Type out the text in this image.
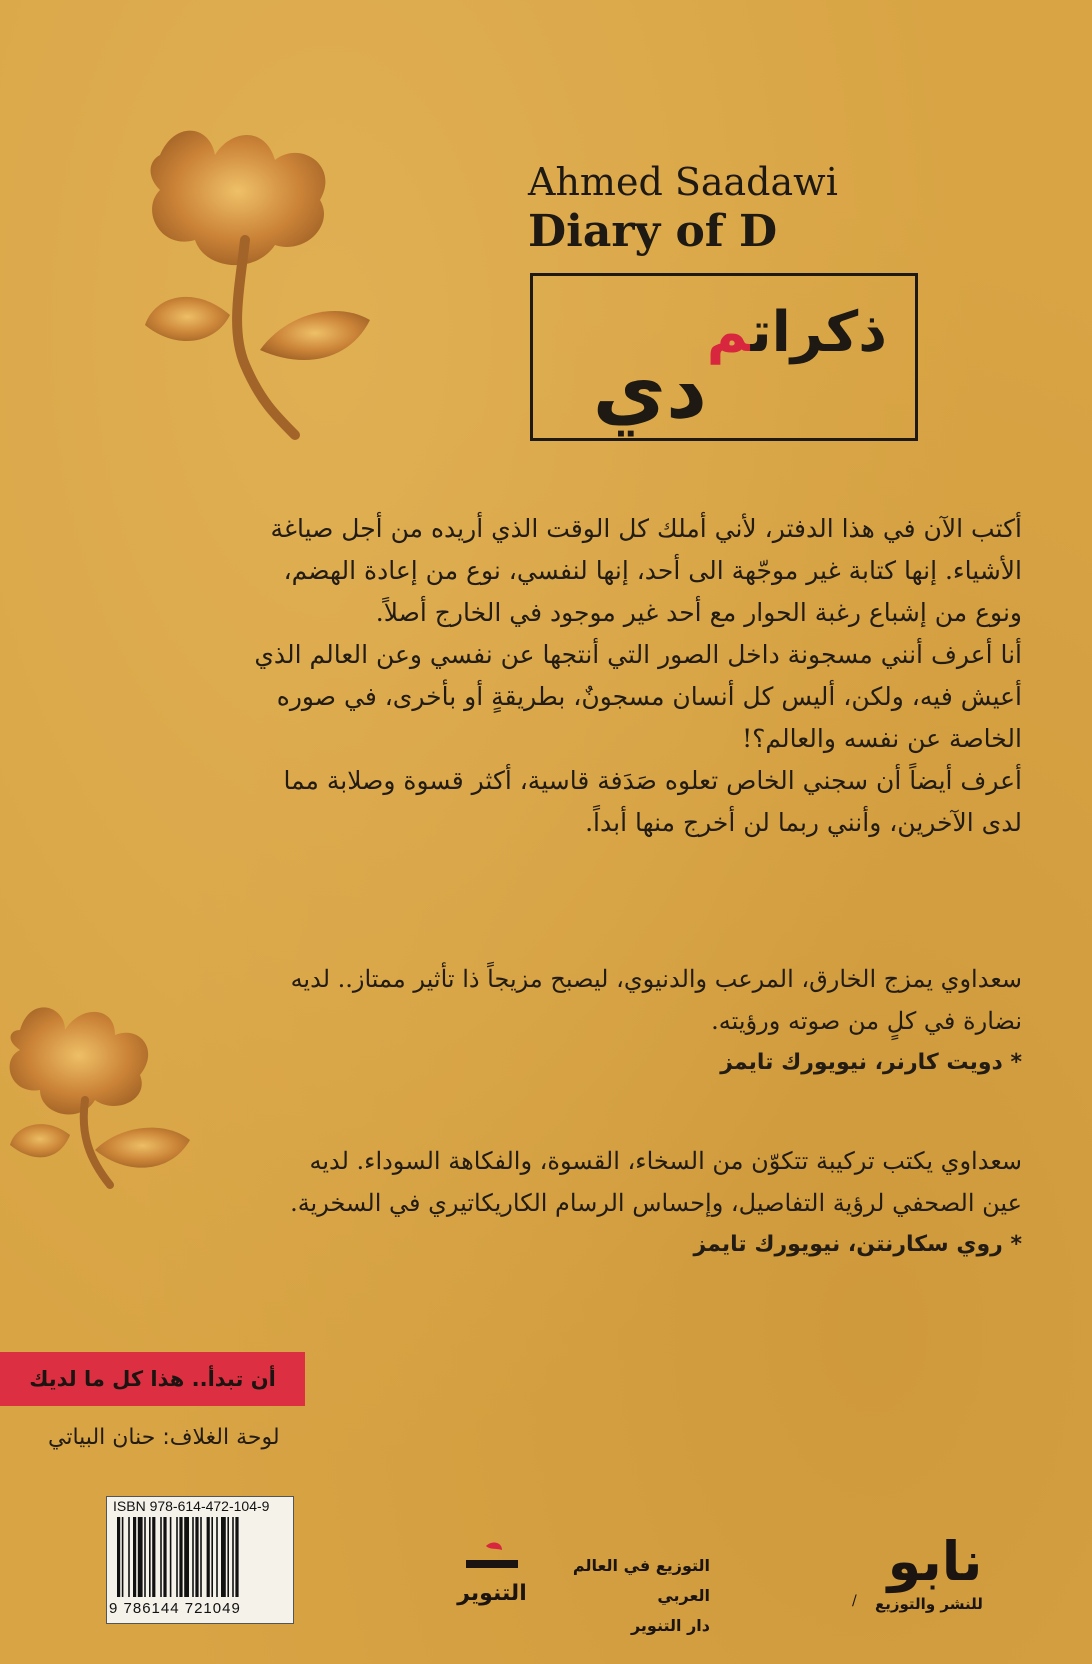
Ahmed Saadawi
Diary of D
ذكراتم
دي

أكتب الآن في هذا الدفتر، لأني أملك كل الوقت الذي أريده من أجل صياغة

الأشياء. إنها كتابة غير موجّهة الى أحد، إنها لنفسي، نوع من إعادة الهضم،

ونوع من إشباع رغبة الحوار مع أحد غير موجود في الخارج أصلاً.

أنا أعرف أنني مسجونة داخل الصور التي أنتجها عن نفسي وعن العالم الذي

أعيش فيه، ولكن، أليس كل أنسان مسجونٌ، بطريقةٍ أو بأخرى، في صوره

الخاصة عن نفسه والعالم؟!

أعرف أيضاً أن سجني الخاص تعلوه صَدَفة قاسية، أكثر قسوة وصلابة مما

لدى الآخرين، وأنني ربما لن أخرج منها أبداً.

سعداوي يمزج الخارق، المرعب والدنيوي، ليصبح مزيجاً ذا تأثير ممتاز.. لديه

نضارة في كلٍ من صوته ورؤيته.

* دويت كارنر، نيويورك تايمز

سعداوي يكتب تركيبة تتكوّن من السخاء، القسوة، والفكاهة السوداء. لديه

عين الصحفي لرؤية التفاصيل، وإحساس الرسام الكاريكاتيري في السخرية.

* روي سكارنتن، نيويورك تايمز

أن تبدأ.. هذا كل ما لديك
لوحة الغلاف: حنان البياتي
ISBN 978-614-472-104-9
9 786144 721049
التنوير
التوزيع في العالم العربي
دار التنوير
نابو
للنشر والتوزيع
/
